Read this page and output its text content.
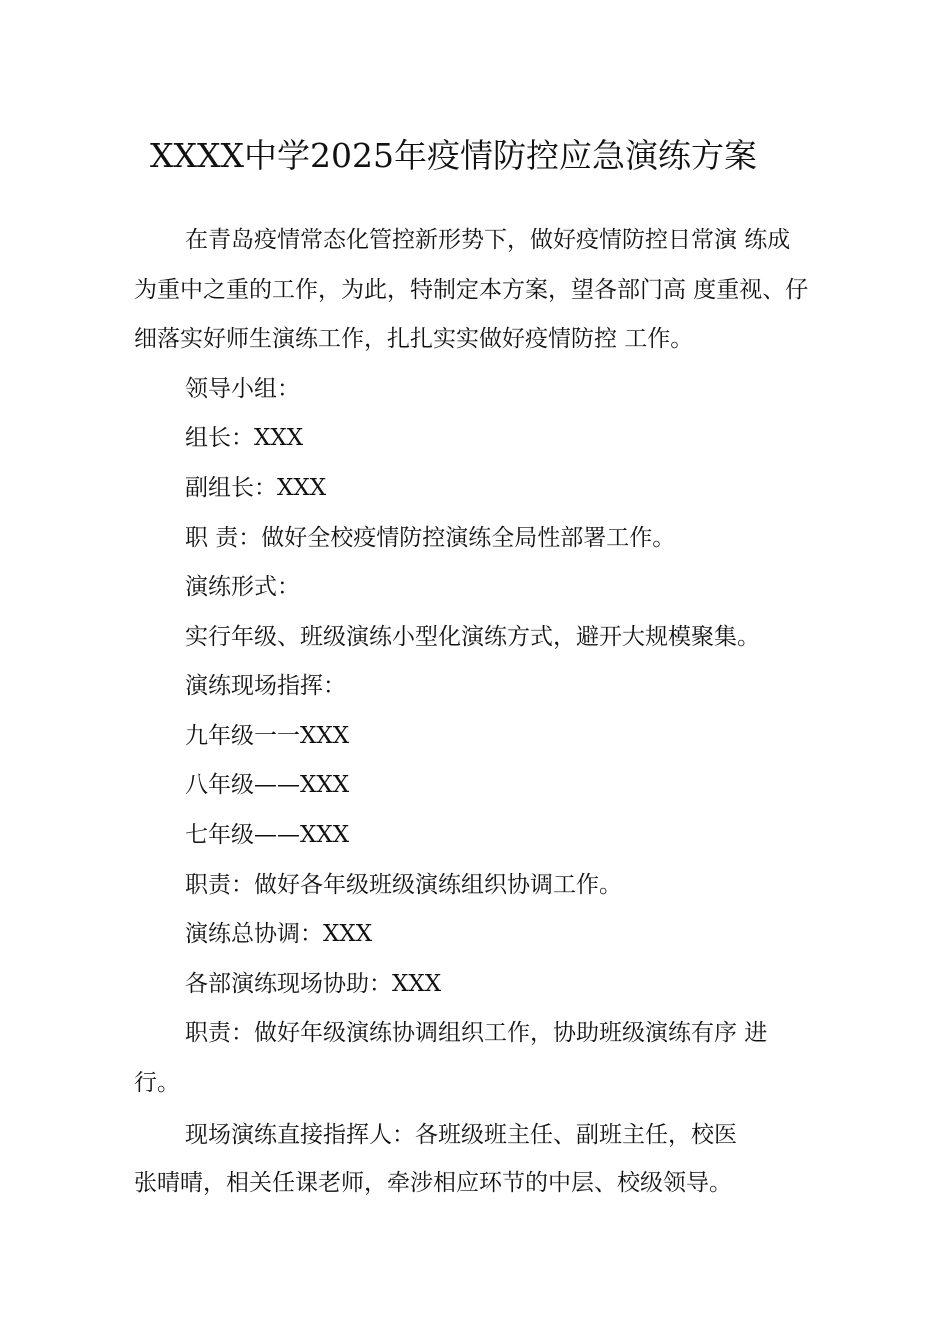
XXXX中学2025年疫情防控应急演练方案
在青岛疫情常态化管控新形势下，做好疫情防控日常演 练成
为重中之重的工作，为此，特制定本方案，望各部门高 度重视、仔
细落实好师生演练工作，扎扎实实做好疫情防控 工作。
领导小组：
组长：XXX
副组长：XXX
职 责：做好全校疫情防控演练全局性部署工作。
演练形式：
实行年级、班级演练小型化演练方式，避开大规模聚集。
演练现场指挥：
九年级一一XXX
八年级——XXX
七年级——XXX
职责：做好各年级班级演练组织协调工作。
演练总协调：XXX
各部演练现场协助：XXX
职责：做好年级演练协调组织工作，协助班级演练有序 进
行。
现场演练直接指挥人：各班级班主任、副班主任，校医
张晴晴，相关任课老师，牵涉相应环节的中层、校级领导。
